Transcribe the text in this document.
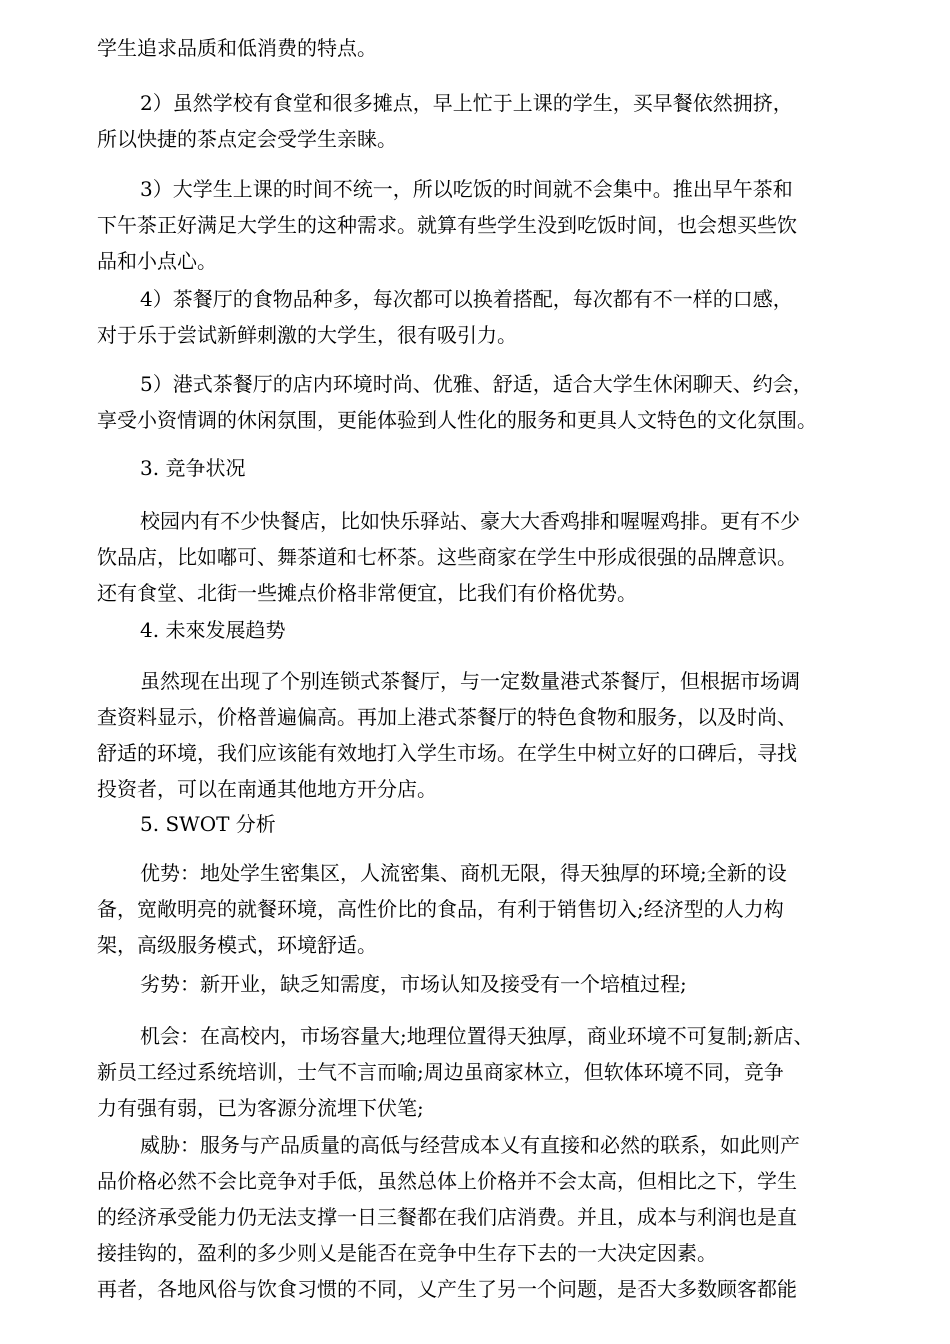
学生追求品质和低消费的特点。

2）虽然学校有食堂和很多摊点，早上忙于上课的学生，买早餐依然拥挤，
所以快捷的茶点定会受学生亲睐。

3）大学生上课的时间不统一，所以吃饭的时间就不会集中。推出早午茶和
下午茶正好满足大学生的这种需求。就算有些学生没到吃饭时间，也会想买些饮
品和小点心。

4）茶餐厅的食物品种多，每次都可以换着搭配，每次都有不一样的口感，
对于乐于尝试新鲜刺激的大学生，很有吸引力。

5）港式茶餐厅的店内环境时尚、优雅、舒适，适合大学生休闲聊天、约会，
享受小资情调的休闲氛围，更能体验到人性化的服务和更具人文特色的文化氛围。

3. 竞争状况

校园内有不少快餐店，比如快乐驿站、豪大大香鸡排和喔喔鸡排。更有不少
饮品店，比如嘟可、舞茶道和七杯茶。这些商家在学生中形成很强的品牌意识。
还有食堂、北街一些摊点价格非常便宜，比我们有价格优势。

4. 未來发展趋势

虽然现在出现了个别连锁式茶餐厅，与一定数量港式茶餐厅，但根据市场调
查资料显示，价格普遍偏高。再加上港式茶餐厅的特色食物和服务，以及时尚、
舒适的环境，我们应该能有效地打入学生市场。在学生中树立好的口碑后，寻找
投资者，可以在南通其他地方开分店。

5. SWOT 分析

优势：地处学生密集区，人流密集、商机无限，得天独厚的环境;全新的设
备，宽敞明亮的就餐环境，高性价比的食品，有利于销售切入;经济型的人力构
架，高级服务模式，环境舒适。

劣势：新开业，缺乏知需度，市场认知及接受有一个培植过程;

机会：在高校内，市场容量大;地理位置得天独厚，商业环境不可复制;新店、
新员工经过系统培训，士气不言而喻;周边虽商家林立，但软体环境不同，竞争
力有强有弱，已为客源分流埋下伏笔;

威胁：服务与产品质量的高低与经营成本乂有直接和必然的联系，如此则产
品价格必然不会比竞争对手低，虽然总体上价格并不会太高，但相比之下，学生
的经济承受能力仍无法支撑一日三餐都在我们店消费。并且，成本与利润也是直
接挂钩的，盈利的多少则乂是能否在竞争中生存下去的一大决定因素。

再者，各地风俗与饮食习惯的不同，乂产生了另一个问题，是否大多数顾客都能
